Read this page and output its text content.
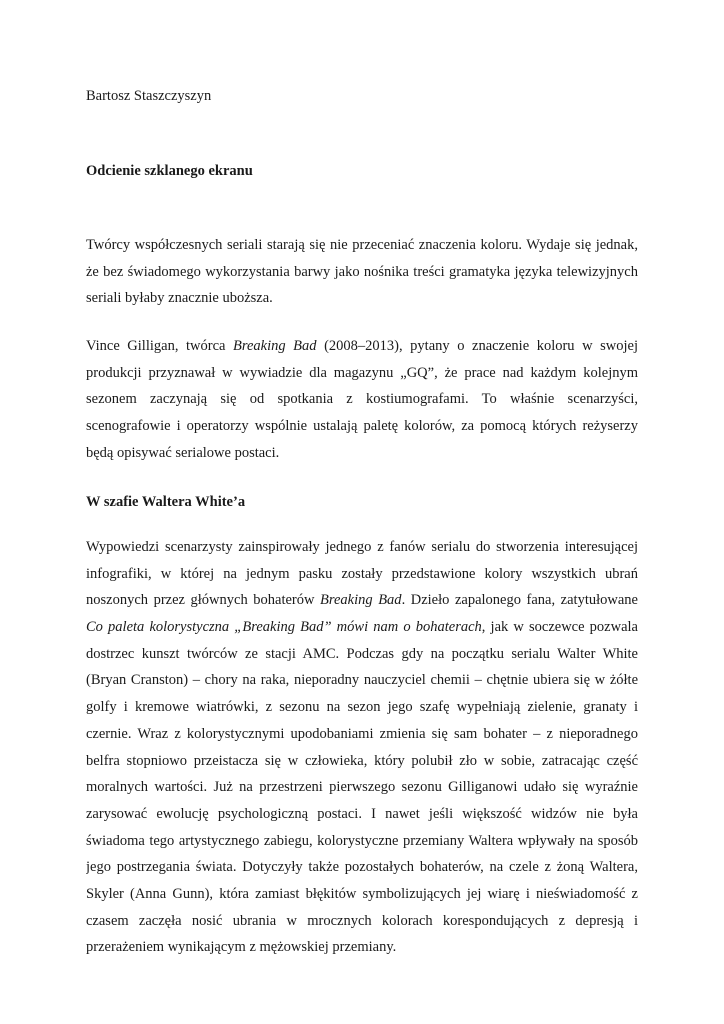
Bartosz Staszczyszyn
Odcienie szklanego ekranu

Twórcy współczesnych seriali starają się nie przeceniać znaczenia koloru. Wydaje się jednak,
że bez świadomego wykorzystania barwy jako nośnika treści gramatyka języka telewizyjnych
seriali byłaby znacznie uboższa.

Vince Gilligan, twórca Breaking Bad (2008–2013), pytany o znaczenie koloru w swojej
produkcji przyznawał w wywiadzie dla magazynu „GQ”, że prace nad każdym kolejnym
sezonem zaczynają się od spotkania z kostiumografami. To właśnie scenarzyści,
scenografowie i operatorzy wspólnie ustalają paletę kolorów, za pomocą których reżyserzy
będą opisywać serialowe postaci.

W szafie Waltera White’a

Wypowiedzi scenarzysty zainspirowały jednego z fanów serialu do stworzenia interesującej
infografiki, w której na jednym pasku zostały przedstawione kolory wszystkich ubrań
noszonych przez głównych bohaterów Breaking Bad. Dzieło zapalonego fana, zatytułowane
Co paleta kolorystyczna „Breaking Bad” mówi nam o bohaterach, jak w soczewce pozwala
dostrzec kunszt twórców ze stacji AMC. Podczas gdy na początku serialu Walter White
(Bryan Cranston) – chory na raka, nieporadny nauczyciel chemii – chętnie ubiera się w żółte
golfy i kremowe wiatrówki, z sezonu na sezon jego szafę wypełniają zielenie, granaty i
czernie. Wraz z kolorystycznymi upodobaniami zmienia się sam bohater – z nieporadnego
belfra stopniowo przeistacza się w człowieka, który polubił zło w sobie, zatracając część
moralnych wartości. Już na przestrzeni pierwszego sezonu Gilliganowi udało się wyraźnie
zarysować ewolucję psychologiczną postaci. I nawet jeśli większość widzów nie była
świadoma tego artystycznego zabiegu, kolorystyczne przemiany Waltera wpływały na sposób
jego postrzegania świata. Dotyczyły także pozostałych bohaterów, na czele z żoną Waltera,
Skyler (Anna Gunn), która zamiast błękitów symbolizujących jej wiarę i nieświadomość z
czasem zaczęła nosić ubrania w mrocznych kolorach korespondujących z depresją i
przerażeniem wynikającym z mężowskiej przemiany.
